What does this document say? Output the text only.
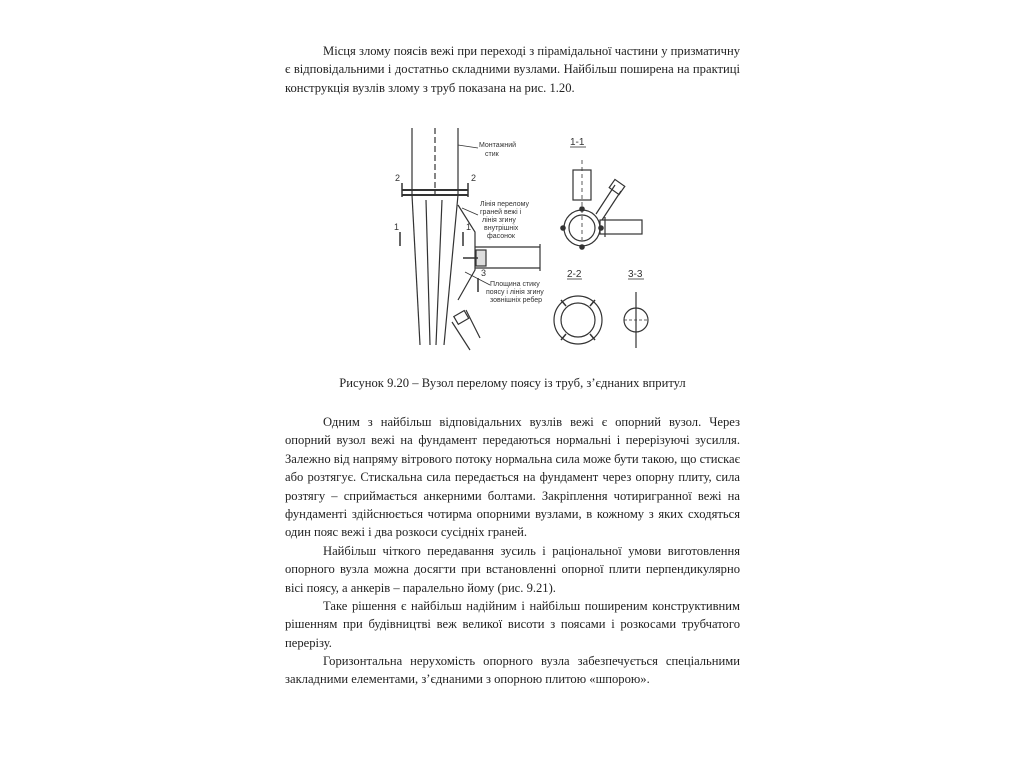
Місця злому поясів вежі при переході з пірамідальної частини у призматичну є відповідальними і достатньо складними вузлами. Найбільш поширена на практиці конструкція вузлів злому з труб показана на рис. 1.20.

Монтажний
стик
Лінія перелому
граней вежі і
лінія згину
внутрішніх
фасонок
Площина стику
поясу і лінія згину
зовнішніх ребер
2	2
1	1
3
1-1
2-2	3-3

Рисунок 9.20 – Вузол перелому поясу із труб, з’єднаних впритул

Одним з найбільш відповідальних вузлів вежі є опорний вузол. Через опорний вузол вежі на фундамент передаються нормальні і перерізуючі зусилля. Залежно від напряму вітрового потоку нормальна сила може бути такою, що стискає або розтягує. Стискальна сила передається на фундамент через опорну плиту, сила розтягу – сприймається анкерними болтами. Закріплення чотиригранної вежі на фундаменті здійснюється чотирма опорними вузлами, в кожному з яких сходяться один пояс вежі і два розкоси сусідніх граней.

Найбільш чіткого передавання зусиль і раціональної умови виготовлення опорного вузла можна досягти при встановленні опорної плити перпендикулярно вісі поясу, а анкерів – паралельно йому (рис. 9.21).

Таке рішення є найбільш надійним і найбільш поширеним конструктивним рішенням при будівництві веж великої висоти з поясами і розкосами трубчатого перерізу.

Горизонтальна нерухомість опорного вузла забезпечується спеціальними закладними елементами, з’єднаними з опорною плитою «шпорою».
